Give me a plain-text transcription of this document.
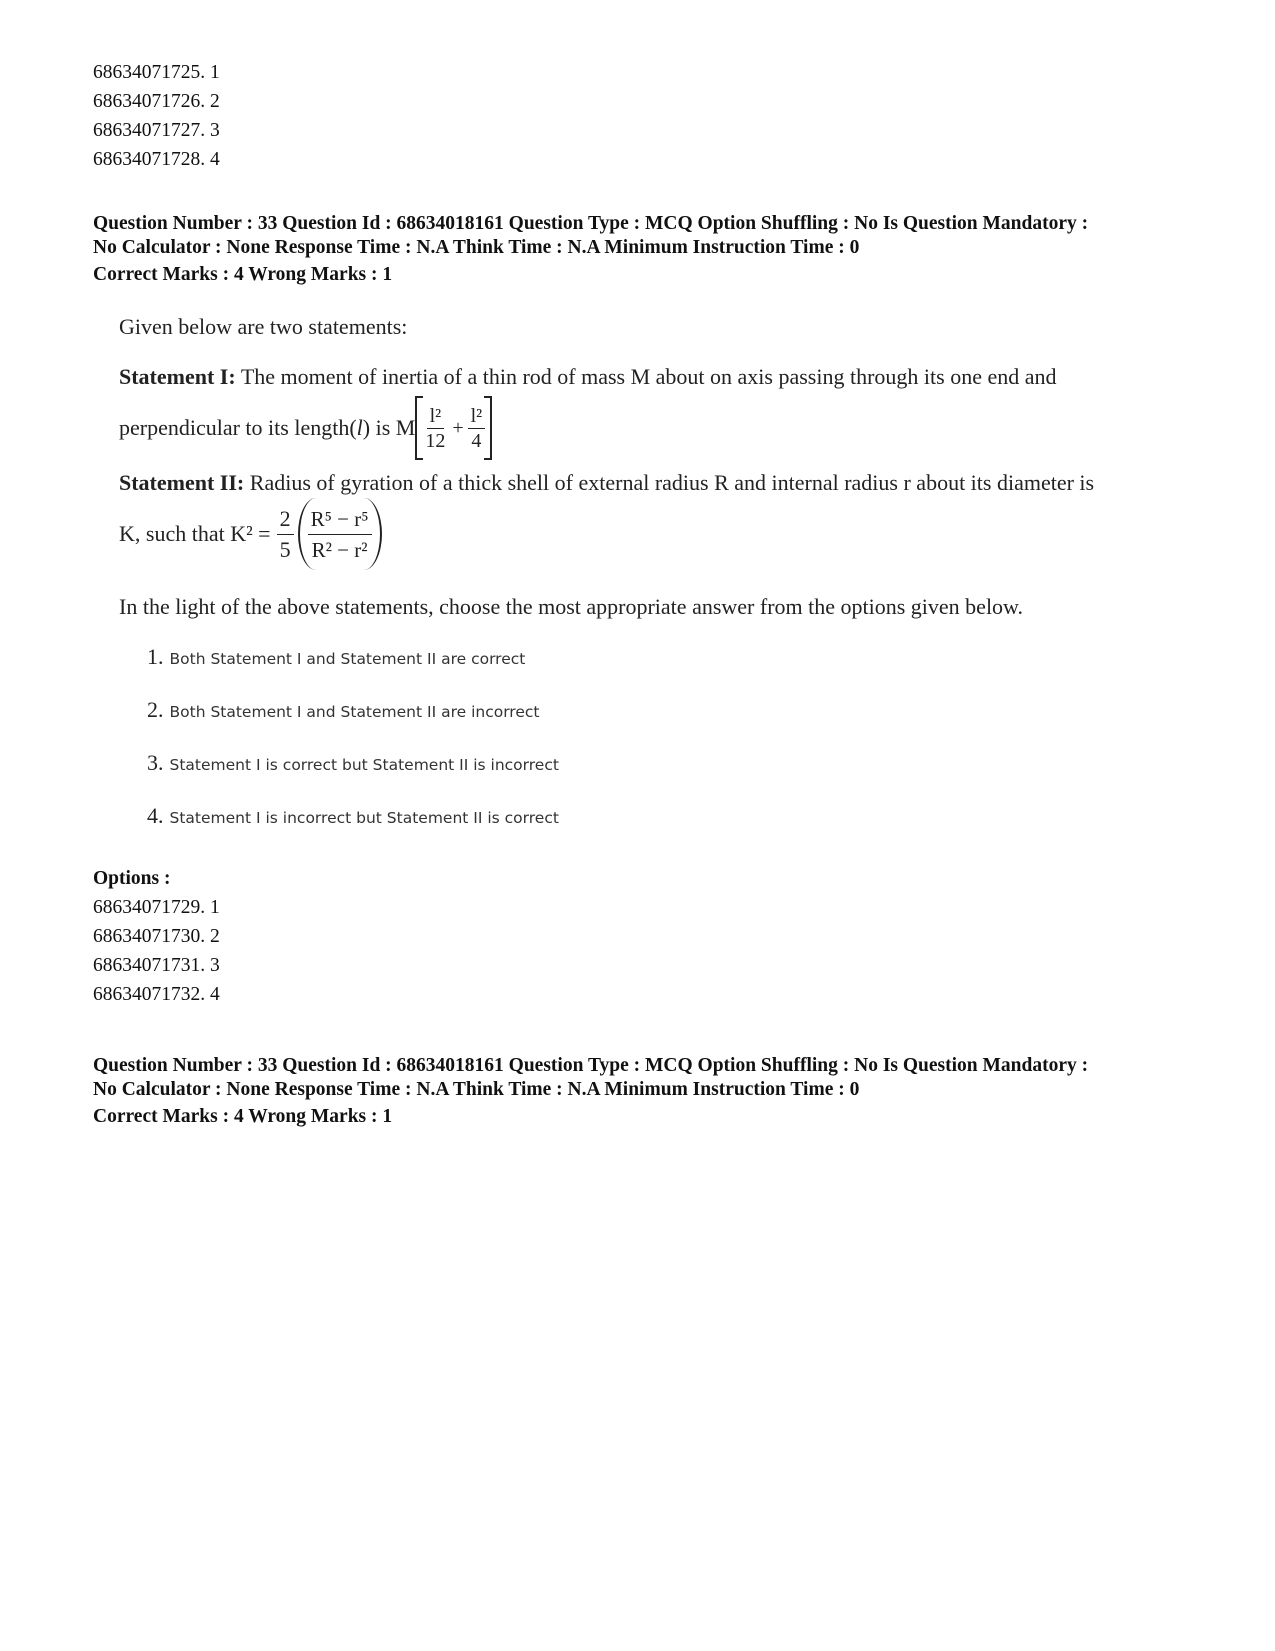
68634071725. 1

68634071726. 2

68634071727. 3

68634071728. 4

Question Number : 33 Question Id : 68634018161 Question Type : MCQ Option Shuffling : No Is Question Mandatory :

No Calculator : None Response Time : N.A Think Time : N.A Minimum Instruction Time : 0

Correct Marks : 4 Wrong Marks : 1

Given below are two statements:

Statement I: The moment of inertia of a thin rod of mass M about on axis passing through its one end and

perpendicular to its length( l ) is M $\frac{\text{l²}}{12} + \frac{\text{l²}}{4}$

Statement II: Radius of gyration of a thick shell of external radius R and internal radius r about its diameter is

K, such that $K^2 = \frac{2}{5} \frac{\text{R⁵ − r⁵}}{\text{R² − r²}}$

In the light of the above statements, choose the most appropriate answer from the options given below.

1. Both Statement I and Statement II are correct
2. Both Statement I and Statement II are incorrect
3. Statement I is correct but Statement II is incorrect
4. Statement I is incorrect but Statement II is correct

Options :

68634071729. 1

68634071730. 2

68634071731. 3

68634071732. 4

Question Number : 33 Question Id : 68634018161 Question Type : MCQ Option Shuffling : No Is Question Mandatory :

No Calculator : None Response Time : N.A Think Time : N.A Minimum Instruction Time : 0

Correct Marks : 4 Wrong Marks : 1
